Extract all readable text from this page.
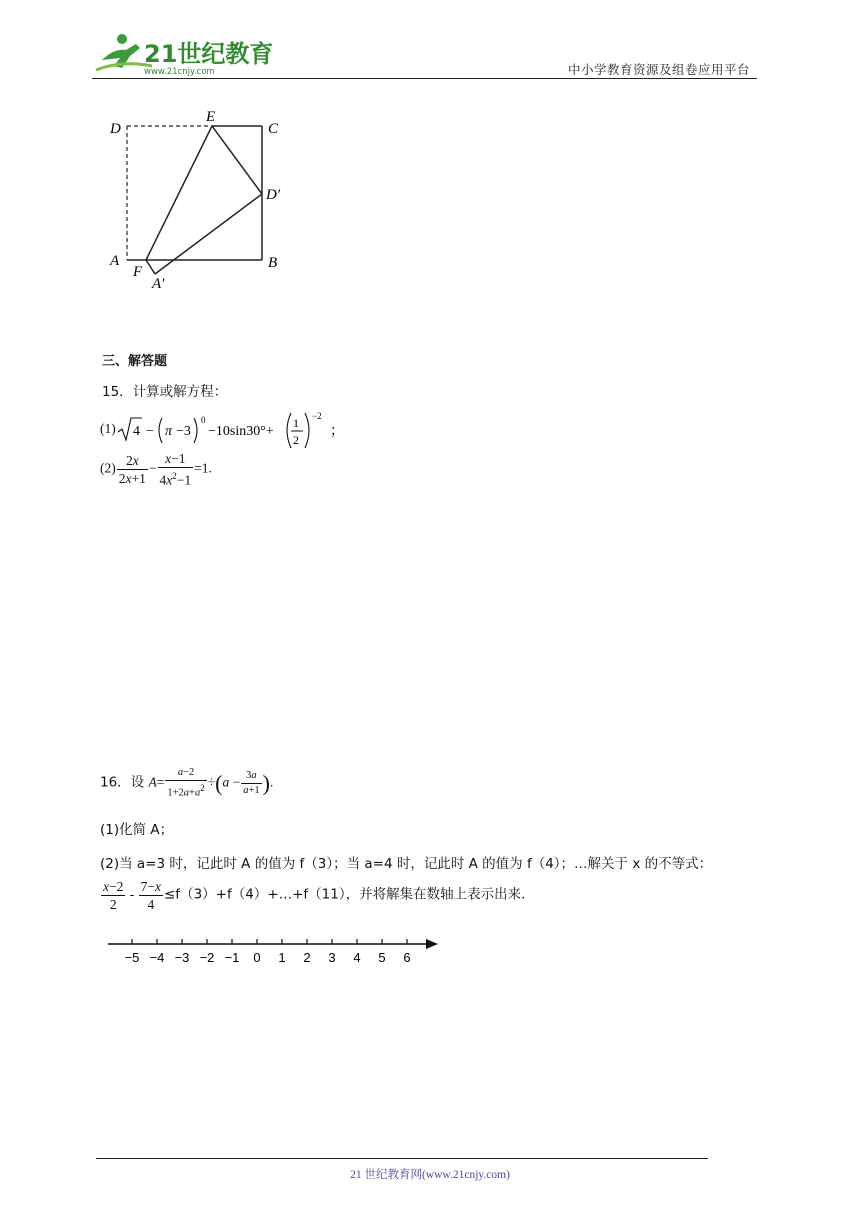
21世纪教育
www.21cnjy.com	中小学教育资源及组卷应用平台
D
E
C
D′
A
F
A′
B
三、解答题
15．计算或解方程：
(1) 4 − π −3
0
−10sin30°+
1
2
−2
；
$(2) \frac{2x}{2x+1} - \frac{x-1}{4x^2-1} =1$.
16．设 $A= \frac{a-2}{1+2a+a^2} \div(a - \frac{3a}{a+1}$ ).
(1)化简 A；
(2)当 a=3 时，记此时 A 的值为 f（3）；当 a=4 时，记此时 A 的值为 f（4）；…解关于 x 的不等式：
$\frac{x-2}{2} - \frac{7-x}{4}$ ≤f（3）+f（4）+…+f（11），并将解集在数轴上表示出来.
−5 −4 −3 −2 −1 0 1 2 3 4 5 6
21 世纪教育网(www.21cnjy.com)
